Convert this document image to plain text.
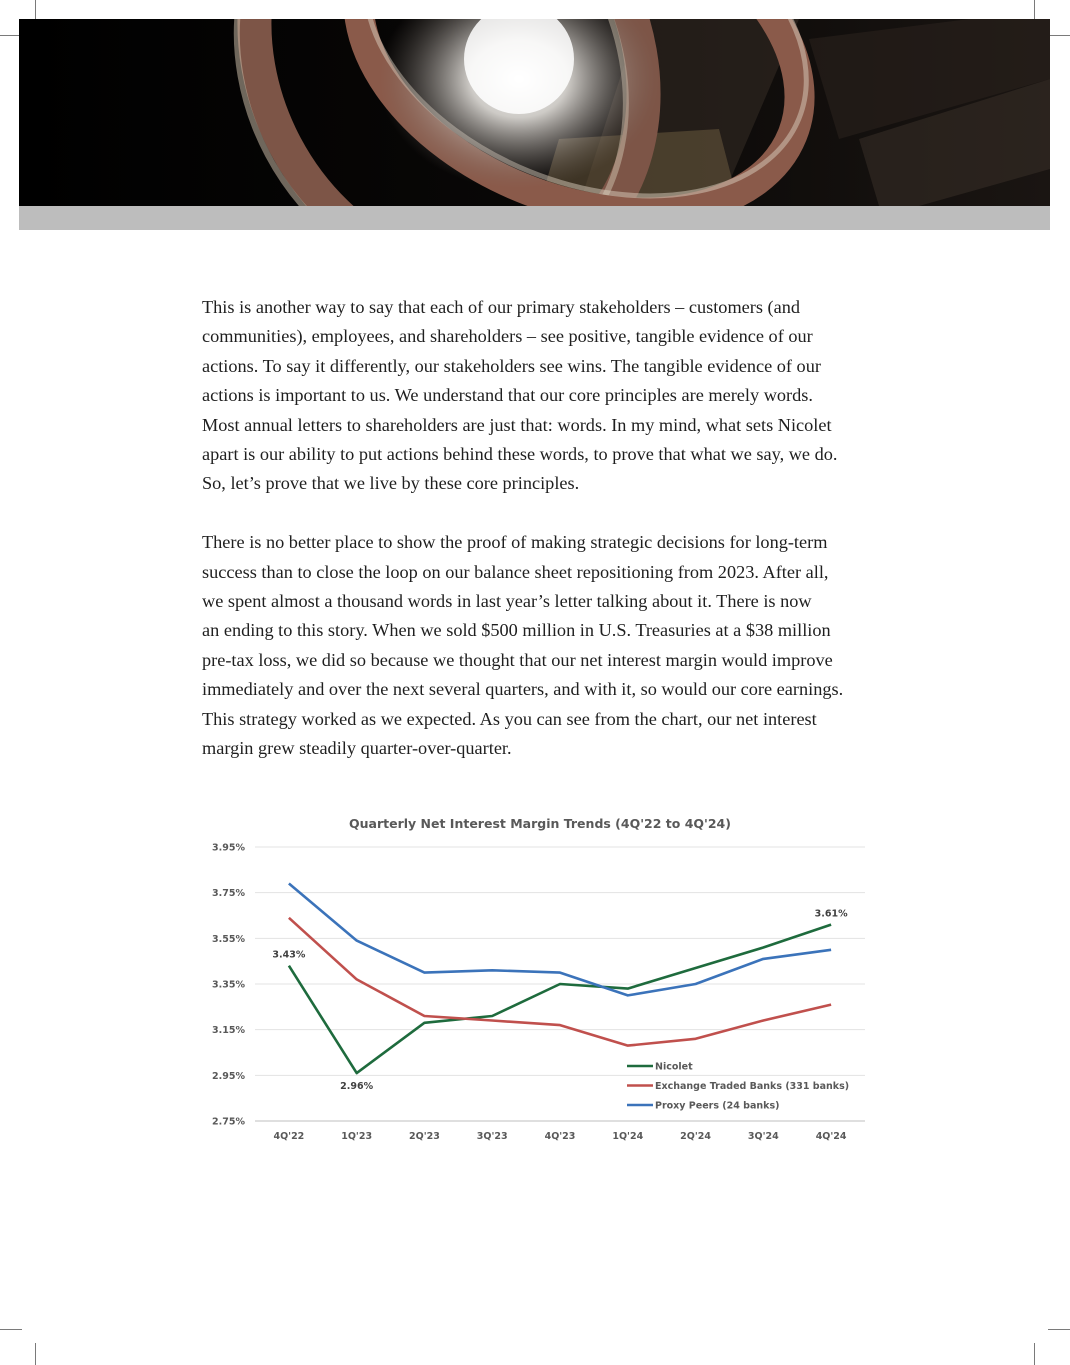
This is another way to say that each of our primary stakeholders – customers (and

communities), employees, and shareholders – see positive, tangible evidence of our

actions. To say it differently, our stakeholders see wins. The tangible evidence of our

actions is important to us. We understand that our core principles are merely words.

Most annual letters to shareholders are just that: words. In my mind, what sets Nicolet

apart is our ability to put actions behind these words, to prove that what we say, we do.

So, let’s prove that we live by these core principles.

There is no better place to show the proof of making strategic decisions for long-term

success than to close the loop on our balance sheet repositioning from 2023. After all,

we spent almost a thousand words in last year’s letter talking about it. There is now

an ending to this story. When we sold $500 million in U.S. Treasuries at a $38 million

pre-tax loss, we did so because we thought that our net interest margin would improve

immediately and over the next several quarters, and with it, so would our core earnings.

This strategy worked as we expected. As you can see from the chart, our net interest

margin grew steadily quarter-over-quarter.

Quarterly Net Interest Margin Trends (4Q'22 to 4Q'24)
2.75%
2.95%
3.15%
3.35%
3.55%
3.75%
3.95%
4Q'22	1Q'23	2Q'23	3Q'23	4Q'23	1Q'24	2Q'24	3Q'24	4Q'24
3.43%
2.96%
3.61%
Nicolet
Exchange Traded Banks (331 banks)
Proxy Peers (24 banks)
